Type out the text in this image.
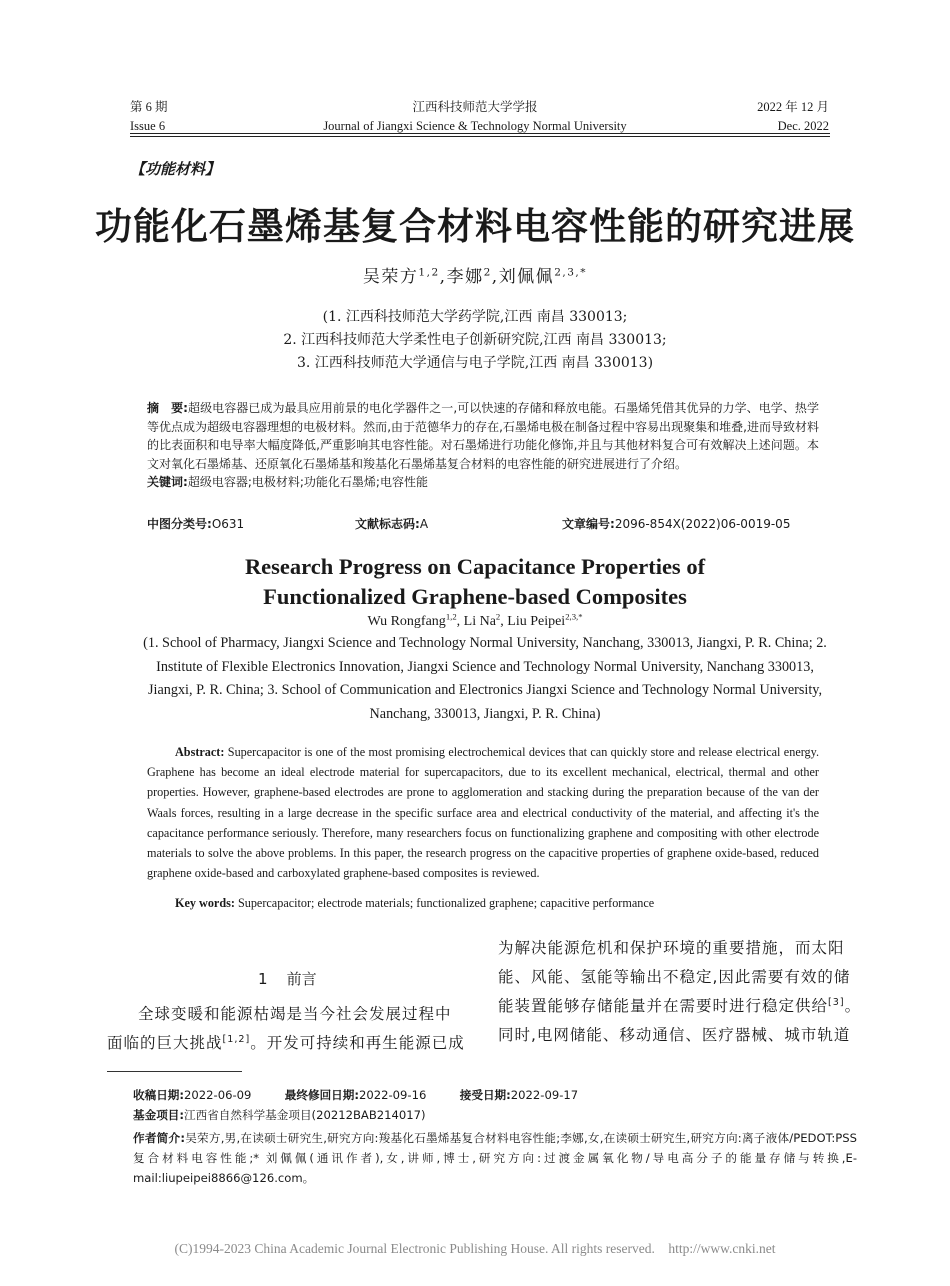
第 6 期
Issue 6
江西科技师范大学学报
Journal of Jiangxi Science & Technology Normal University
2022 年 12 月
Dec. 2022
【功能材料】
功能化石墨烯基复合材料电容性能的研究进展
吴荣方$^{1,2}$,李娜$^2$,刘佩佩$^{2,3,*}$
(1. 江西科技师范大学药学院,江西 南昌 330013;
2. 江西科技师范大学柔性电子创新研究院,江西 南昌 330013;
3. 江西科技师范大学通信与电子学院,江西 南昌 330013)
摘　要:超级电容器已成为最具应用前景的电化学器件之一,可以快速的存储和释放电能。石墨烯凭借其优异的力学、电学、热学等优点成为超级电容器理想的电极材料。然而,由于范德华力的存在,石墨烯电极在制备过程中容易出现聚集和堆叠,进而导致材料的比表面积和电导率大幅度降低,严重影响其电容性能。对石墨烯进行功能化修饰,并且与其他材料复合可有效解决上述问题。本文对氧化石墨烯基、还原氧化石墨烯基和羧基化石墨烯基复合材料的电容性能的研究进展进行了介绍。
关键词:超级电容器;电极材料;功能化石墨烯;电容性能
中图分类号:O631	文献标志码:A	文章编号:2096-854X(2022)06-0019-05
Research Progress on Capacitance Properties of
Functionalized Graphene-based Composites
Wu Rongfang$^{1,2}$, Li Na$^2$, Liu Peipei$^{2,3,*}$
(1. School of Pharmacy, Jiangxi Science and Technology Normal University, Nanchang, 330013, Jiangxi, P. R. China; 2. Institute of Flexible Electronics Innovation, Jiangxi Science and Technology Normal University, Nanchang 330013, Jiangxi, P. R. China; 3. School of Communication and Electronics Jiangxi Science and Technology Normal University, Nanchang, 330013, Jiangxi, P. R. China)

Abstract: Supercapacitor is one of the most promising electrochemical devices that can quickly store and release electrical energy. Graphene has become an ideal electrode material for supercapacitors, due to its excellent mechanical, electrical, thermal and other properties. However, graphene-based electrodes are prone to agglomeration and stacking during the preparation because of the van der Waals forces, resulting in a large decrease in the specific surface area and electrical conductivity of the material, and affecting it's the capacitance performance seriously. Therefore, many researchers focus on functionalizing graphene and compositing with other electrode materials to solve the above problems. In this paper, the research progress on the capacitive properties of graphene oxide-based, reduced graphene oxide-based and carboxylated graphene-based composites is reviewed.

Key words: Supercapacitor; electrode materials; functionalized graphene; capacitive performance
1 前言
全球变暖和能源枯竭是当今社会发展过程中面临的巨大挑战[1,2]。开发可持续和再生能源已成
为解决能源危机和保护环境的重要措施，而太阳能、风能、氢能等输出不稳定,因此需要有效的储能装置能够存储能量并在需要时进行稳定供给[3]。同时,电网储能、移动通信、医疗器械、城市轨道
收稿日期:2022-06-09	最终修回日期:2022-09-16	接受日期:2022-09-17
基金项目:江西省自然科学基金项目(20212BAB214017)
作者简介:吴荣方,男,在读硕士研究生,研究方向:羧基化石墨烯基复合材料电容性能;李娜,女,在读硕士研究生,研究方向:离子液体/PEDOT:PSS 复合材料电容性能;* 刘佩佩(通讯作者),女,讲师,博士,研究方向:过渡金属氧化物/导电高分子的能量存储与转换,E-mail:liupeipei8866@126.com。
(C)1994-2023 China Academic Journal Electronic Publishing House. All rights reserved.    http://www.cnki.net
